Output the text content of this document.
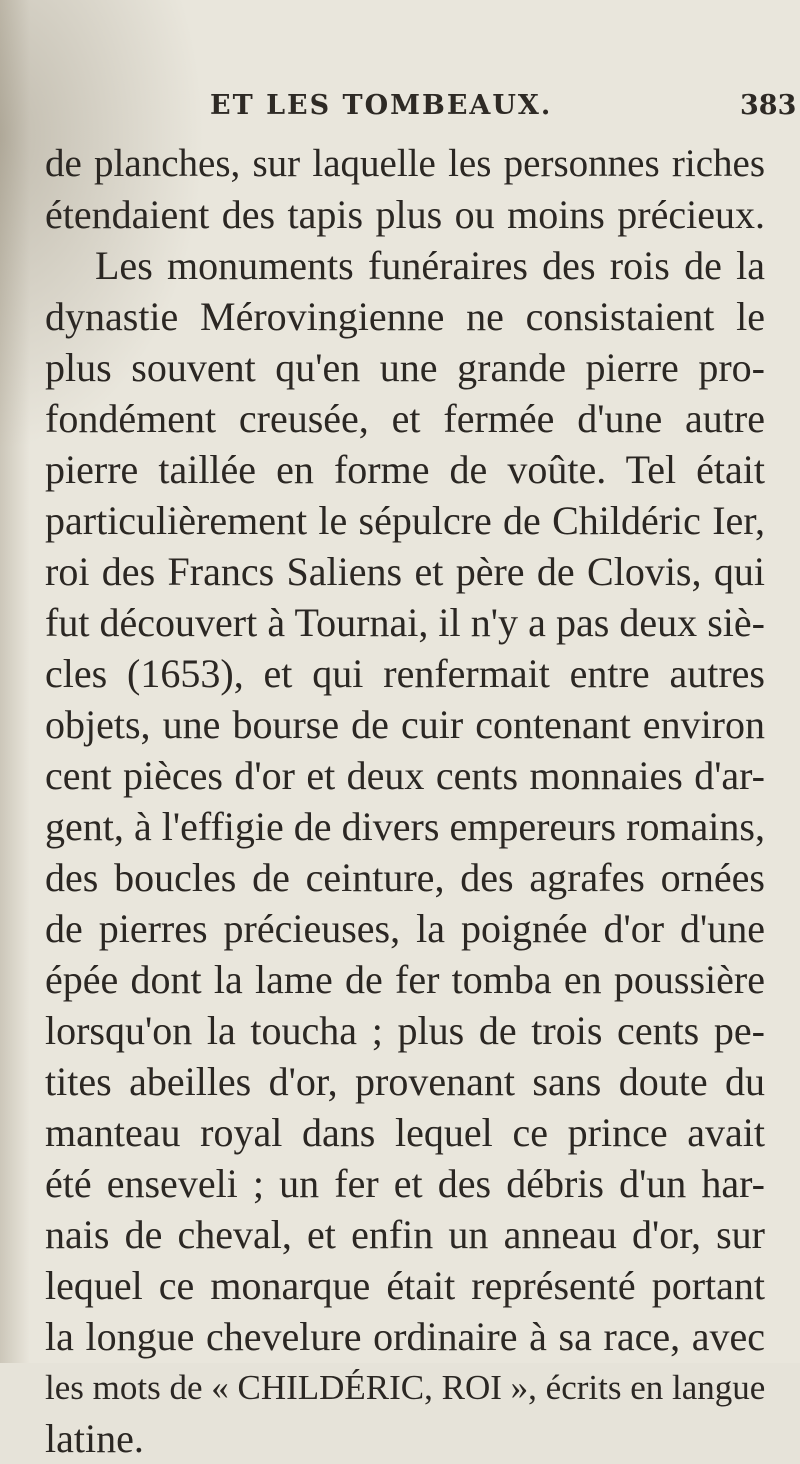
ET LES TOMBEAUX.	383
de planches, sur laquelle les personnes riches
étendaient des tapis plus ou moins précieux.
Les monuments funéraires des rois de la
dynastie Mérovingienne ne consistaient le
plus souvent qu'en une grande pierre pro-
fondément creusée, et fermée d'une autre
pierre taillée en forme de voûte. Tel était
particulièrement le sépulcre de Childéric Ier,
roi des Francs Saliens et père de Clovis, qui
fut découvert à Tournai, il n'y a pas deux siè-
cles (1653), et qui renfermait entre autres
objets, une bourse de cuir contenant environ
cent pièces d'or et deux cents monnaies d'ar-
gent, à l'effigie de divers empereurs romains,
des boucles de ceinture, des agrafes ornées
de pierres précieuses, la poignée d'or d'une
épée dont la lame de fer tomba en poussière
lorsqu'on la toucha ; plus de trois cents pe-
tites abeilles d'or, provenant sans doute du
manteau royal dans lequel ce prince avait
été enseveli ; un fer et des débris d'un har-
nais de cheval, et enfin un anneau d'or, sur
lequel ce monarque était représenté portant
la longue chevelure ordinaire à sa race, avec
les mots de « CHILDÉRIC, ROI », écrits en langue
latine.
